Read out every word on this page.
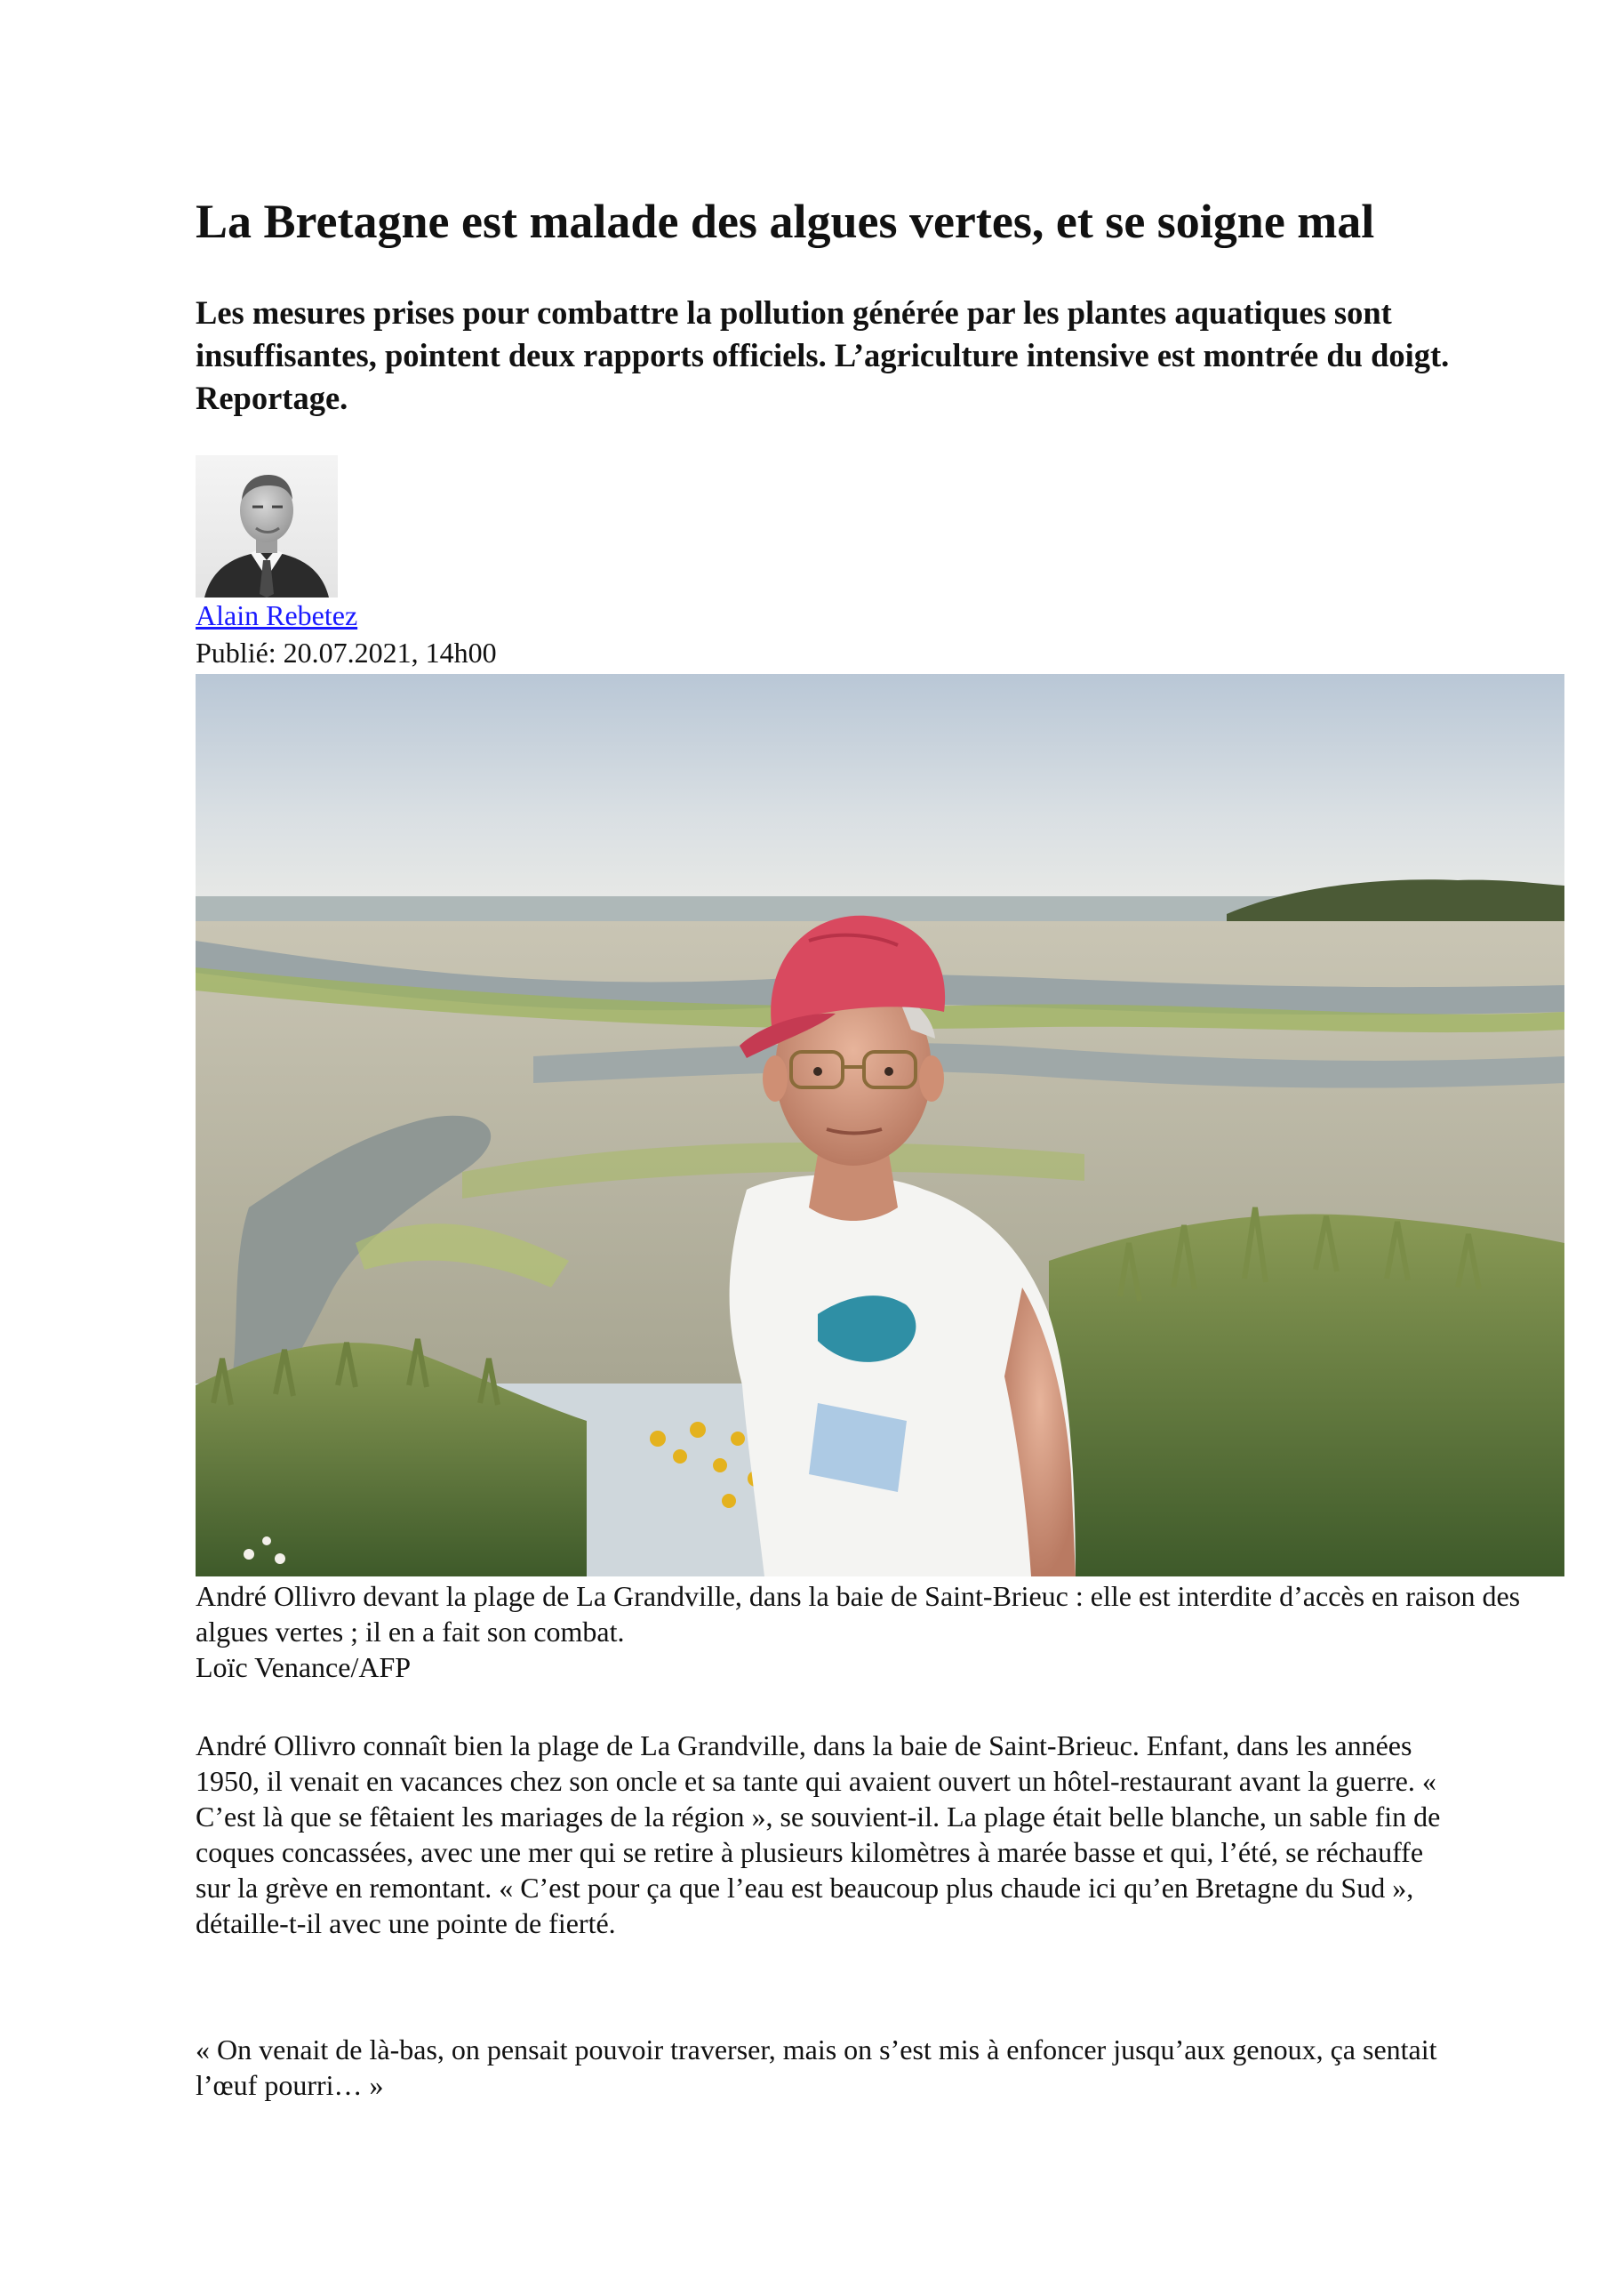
La Bretagne est malade des algues vertes, et se soigne mal

Les mesures prises pour combattre la pollution générée par les plantes aquatiques sont insuffisantes, pointent deux rapports officiels. L’agriculture intensive est montrée du doigt. Reportage.

Alain Rebetez
Publié: 20.07.2021, 14h00

André Ollivro devant la plage de La Grandville, dans la baie de Saint-Brieuc : elle est interdite d’accès en raison des algues vertes ; il en a fait son combat.

Loïc Venance/AFP

André Ollivro connaît bien la plage de La Grandville, dans la baie de Saint-Brieuc. Enfant, dans les années 1950, il venait en vacances chez son oncle et sa tante qui avaient ouvert un hôtel-restaurant avant la guerre. « C’est là que se fêtaient les mariages de la région », se souvient-il. La plage était belle blanche, un sable fin de coques concassées, avec une mer qui se retire à plusieurs kilomètres à marée basse et qui, l’été, se réchauffe sur la grève en remontant. « C’est pour ça que l’eau est beaucoup plus chaude ici qu’en Bretagne du Sud », détaille-t-il avec une pointe de fierté.

« On venait de là-bas, on pensait pouvoir traverser, mais on s’est mis à enfoncer jusqu’aux genoux, ça sentait l’œuf pourri… »
